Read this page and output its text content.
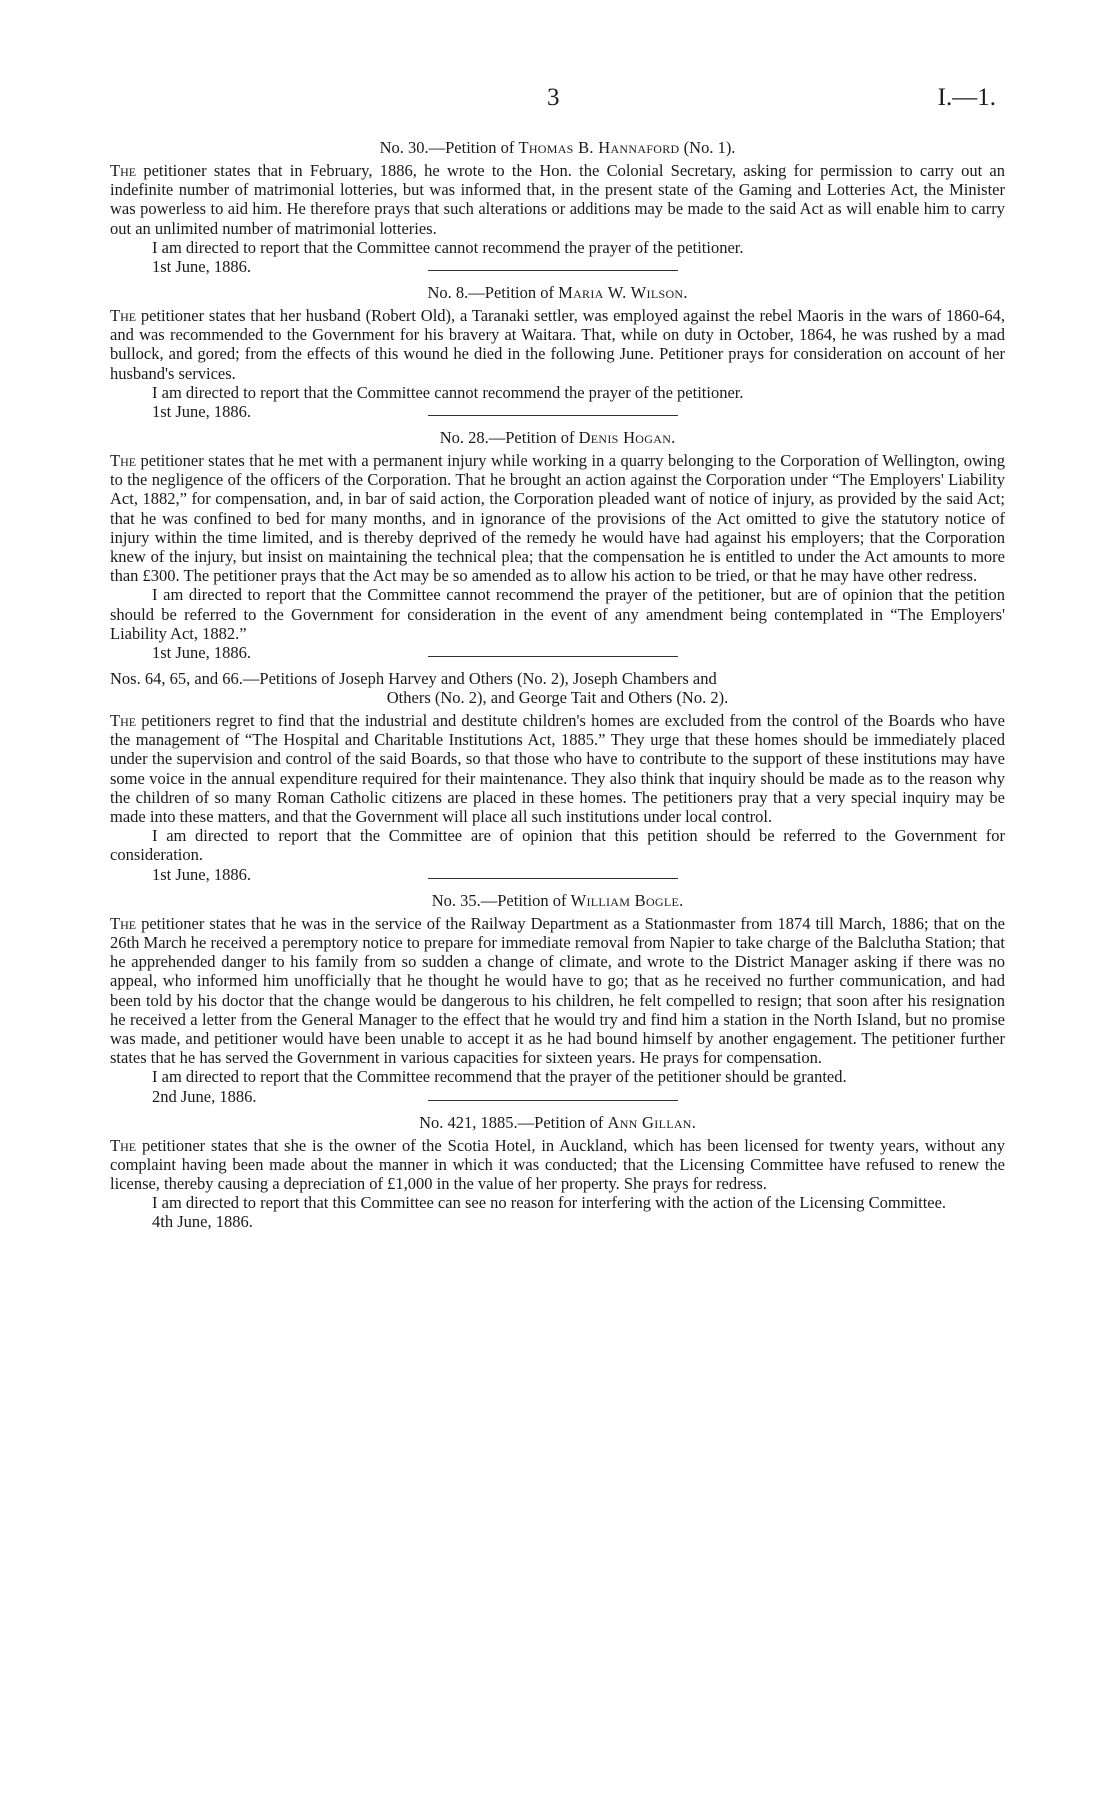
3	I.—1.
No. 30.—Petition of Thomas B. Hannaford (No. 1).

The petitioner states that in February, 1886, he wrote to the Hon. the Colonial Secretary, asking for permission to carry out an indefinite number of matrimonial lotteries, but was informed that, in the present state of the Gaming and Lotteries Act, the Minister was powerless to aid him. He therefore prays that such alterations or additions may be made to the said Act as will enable him to carry out an unlimited number of matrimonial lotteries.

I am directed to report that the Committee cannot recommend the prayer of the petitioner.

1st June, 1886.
No. 8.—Petition of Maria W. Wilson.

The petitioner states that her husband (Robert Old), a Taranaki settler, was employed against the rebel Maoris in the wars of 1860-64, and was recommended to the Government for his bravery at Waitara. That, while on duty in October, 1864, he was rushed by a mad bullock, and gored; from the effects of this wound he died in the following June. Petitioner prays for consideration on account of her husband's services.

I am directed to report that the Committee cannot recommend the prayer of the petitioner.

1st June, 1886.
No. 28.—Petition of Denis Hogan.

The petitioner states that he met with a permanent injury while working in a quarry belonging to the Corporation of Wellington, owing to the negligence of the officers of the Corporation. That he brought an action against the Corporation under “The Employers' Liability Act, 1882,” for compensation, and, in bar of said action, the Corporation pleaded want of notice of injury, as provided by the said Act; that he was confined to bed for many months, and in ignorance of the provisions of the Act omitted to give the statutory notice of injury within the time limited, and is thereby deprived of the remedy he would have had against his employers; that the Corporation knew of the injury, but insist on maintaining the technical plea; that the compensation he is entitled to under the Act amounts to more than £300. The petitioner prays that the Act may be so amended as to allow his action to be tried, or that he may have other redress.

I am directed to report that the Committee cannot recommend the prayer of the petitioner, but are of opinion that the petition should be referred to the Government for consideration in the event of any amendment being contemplated in “The Employers' Liability Act, 1882.”

1st June, 1886.
Nos. 64, 65, and 66.—Petitions of Joseph Harvey and Others (No. 2), Joseph Chambers and
Others (No. 2), and George Tait and Others (No. 2).

The petitioners regret to find that the industrial and destitute children's homes are excluded from the control of the Boards who have the management of “The Hospital and Charitable Institutions Act, 1885.” They urge that these homes should be immediately placed under the supervision and control of the said Boards, so that those who have to contribute to the support of these institutions may have some voice in the annual expenditure required for their maintenance. They also think that inquiry should be made as to the reason why the children of so many Roman Catholic citizens are placed in these homes. The petitioners pray that a very special inquiry may be made into these matters, and that the Government will place all such institutions under local control.

I am directed to report that the Committee are of opinion that this petition should be referred to the Government for consideration.

1st June, 1886.
No. 35.—Petition of William Bogle.

The petitioner states that he was in the service of the Railway Department as a Stationmaster from 1874 till March, 1886; that on the 26th March he received a peremptory notice to prepare for immediate removal from Napier to take charge of the Balclutha Station; that he apprehended danger to his family from so sudden a change of climate, and wrote to the District Manager asking if there was no appeal, who informed him unofficially that he thought he would have to go; that as he received no further communication, and had been told by his doctor that the change would be dangerous to his children, he felt compelled to resign; that soon after his resignation he received a letter from the General Manager to the effect that he would try and find him a station in the North Island, but no promise was made, and petitioner would have been unable to accept it as he had bound himself by another engagement. The petitioner further states that he has served the Government in various capacities for sixteen years. He prays for compensation.

I am directed to report that the Committee recommend that the prayer of the petitioner should be granted.

2nd June, 1886.
No. 421, 1885.—Petition of Ann Gillan.

The petitioner states that she is the owner of the Scotia Hotel, in Auckland, which has been licensed for twenty years, without any complaint having been made about the manner in which it was conducted; that the Licensing Committee have refused to renew the license, thereby causing a depreciation of £1,000 in the value of her property. She prays for redress.

I am directed to report that this Committee can see no reason for interfering with the action of the Licensing Committee.

4th June, 1886.
